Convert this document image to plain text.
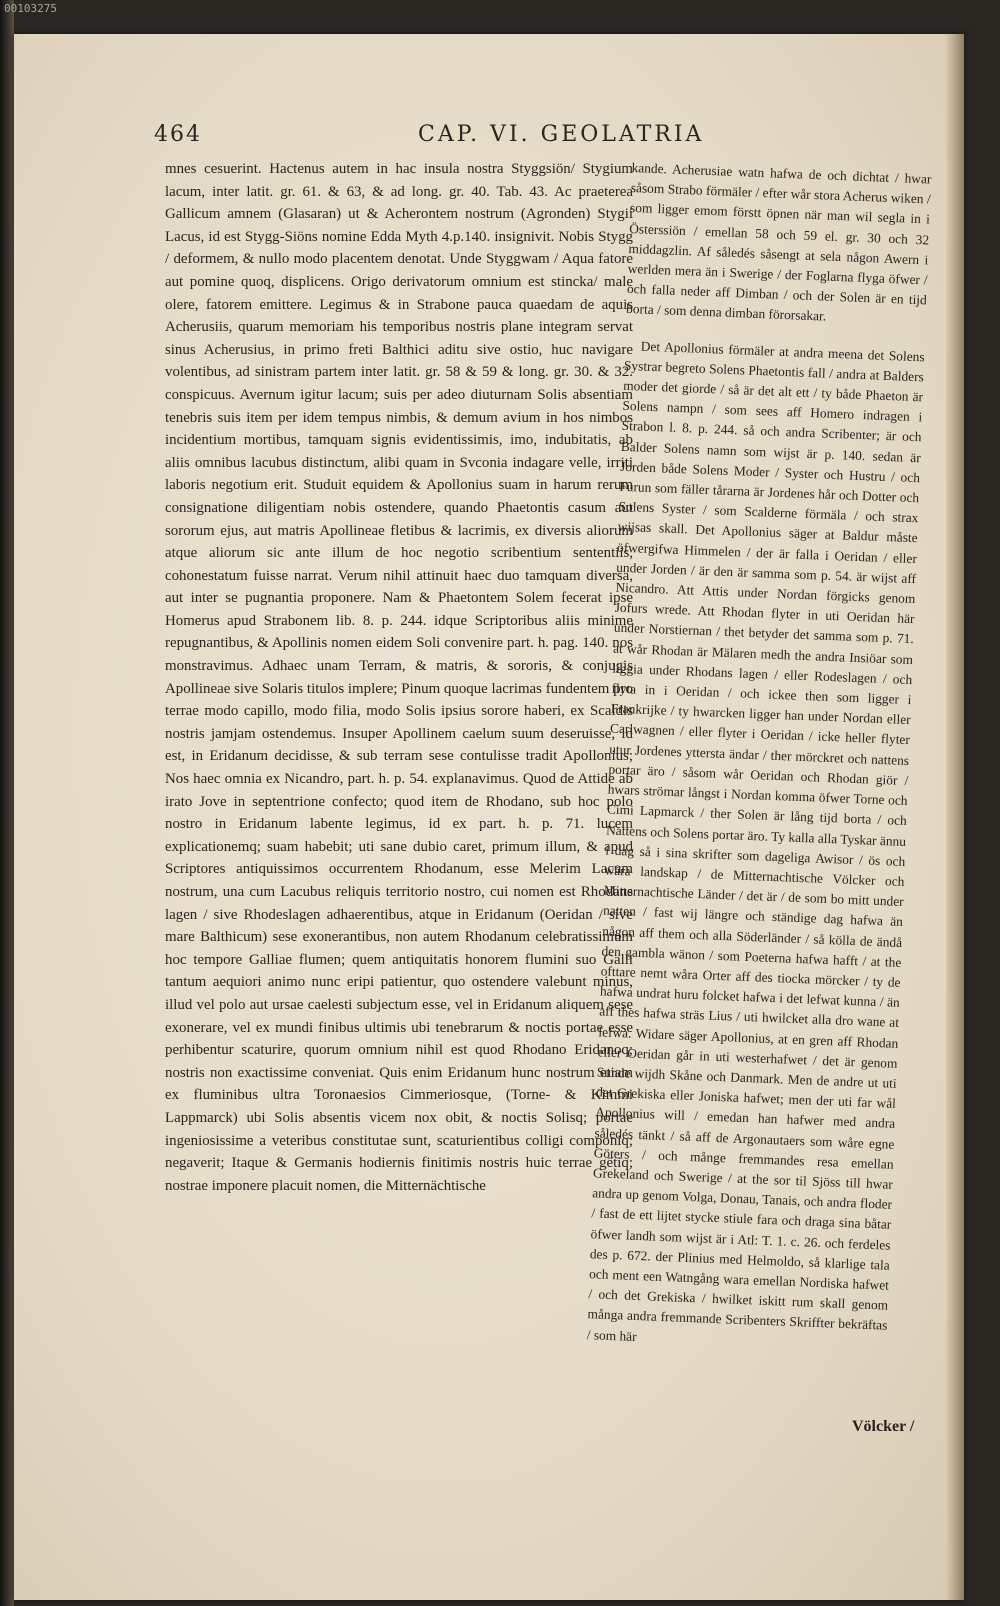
00103275
464	CAP. VI. GEOLATRIA

mnes cesuerint. Hactenus autem in hac insula nostra Styggsiön/ Stygium lacum, inter latit. gr. 61. & 63, & ad long. gr. 40. Tab. 43. Ac praeterea Gallicum amnem (Glasaran) ut & Acherontem nostrum (Agronden) Stygii Lacus, id est Stygg-Siöns nomine Edda Myth 4.p.140. insignivit. Nobis Stygg / deformem, & nullo modo placentem denotat. Unde Styggwam / Aqua fatore aut pomine quoq, displicens. Origo derivatorum omnium est stincka/ male olere, fatorem emittere. Legimus & in Strabone pauca quaedam de aquis Acherusiis, quarum memoriam his temporibus nostris plane integram servat sinus Acherusius, in primo freti Balthici aditu sive ostio, huc navigare volentibus, ad sinistram partem inter latit. gr. 58 & 59 & long. gr. 30. & 32. conspicuus. Avernum igitur lacum; suis per adeo diuturnam Solis absentiam tenebris suis item per idem tempus nimbis, & demum avium in hos nimbos incidentium mortibus, tamquam signis evidentissimis, imo, indubitatis, ab aliis omnibus lacubus distinctum, alibi quam in Svconia indagare velle, irriti laboris negotium erit. Studuit equidem & Apollonius suam in harum rerum consignatione diligentiam nobis ostendere, quando Phaetontis casum aut sororum ejus, aut matris Apollineae fletibus & lacrimis, ex diversis aliorum atque aliorum sic ante illum de hoc negotio scribentium sententiis, cohonestatum fuisse narrat. Verum nihil attinuit haec duo tamquam diversa, aut inter se pugnantia proponere. Nam & Phaetontem Solem fecerat ipse Homerus apud Strabonem lib. 8. p. 244. idque Scriptoribus aliis minime repugnantibus, & Apollinis nomen eidem Soli convenire part. h. pag. 140. nos monstravimus. Adhaec unam Terram, & matris, & sororis, & conjugis Apollineae sive Solaris titulos implere; Pinum quoque lacrimas fundentem pro terrae modo capillo, modo filia, modo Solis ipsius sorore haberi, ex Scaldis nostris jamjam ostendemus. Insuper Apollinem caelum suum deseruisse, id est, in Eridanum decidisse, & sub terram sese contulisse tradit Apollonius; Nos haec omnia ex Nicandro, part. h. p. 54. explanavimus. Quod de Attide ab irato Jove in septentrione confecto; quod item de Rhodano, sub hoc polo nostro in Eridanum labente legimus, id ex part. h. p. 71. lucem explicationemq; suam habebit; uti sane dubio caret, primum illum, & apud Scriptores antiquissimos occurrentem Rhodanum, esse Melerim Lacum nostrum, una cum Lacubus reliquis territorio nostro, cui nomen est Rhodans lagen / sive Rhodeslagen adhaerentibus, atque in Eridanum (Oeridan / sive mare Balthicum) sese exonerantibus, non autem Rhodanum celebratissimum hoc tempore Galliae flumen; quem antiquitatis honorem flumini suo Galli tantum aequiori animo nunc eripi patientur, quo ostendere valebunt minus, illud vel polo aut ursae caelesti subjectum esse, vel in Eridanum aliquem sese exonerare, vel ex mundi finibus ultimis ubi tenebrarum & noctis portae esse perhibentur scaturire, quorum omnium nihil est quod Rhodano Eridanoq; nostris non exactissime conveniat. Quis enim Eridanum hunc nostrum etiam ex fluminibus ultra Toronaesios Cimmeriosque, (Torne- & Kimmi Lappmarck) ubi Solis absentis vicem nox obit, & noctis Solisq; portae ingeniosissime a veteribus constitutae sunt, scaturientibus colligi componiq; negaverit; Itaque & Germanis hodiernis finitimis nostris huic terrae gētiq; nostrae imponere placuit nomen, die Mitternächtische

kande. Acherusiae watn hafwa de och dichtat / hwar såsom Strabo förmäler / efter wår stora Acherus wiken / som ligger emom förstt öpnen när man wil segla in i Österssiön / emellan 58 och 59 el. gr. 30 och 32 middagzlin. Af såledés såsengt at sela någon Awern i werlden mera än i Swerige / der Foglarna flyga öfwer / och falla neder aff Dimban / och der Solen är en tijd borta / som denna dimban förorsakar.

Det Apollonius förmäler at andra meena det Solens Systrar begreto Solens Phaetontis fall / andra at Balders moder det giorde / så är det alt ett / ty både Phaeton är Solens nampn / som sees aff Homero indragen i Strabon l. 8. p. 244. så och andra Scribenter; är och Balder Solens namn som wijst är p. 140. sedan är Jorden både Solens Moder / Syster och Hustru / och Furun som fäller tårarna är Jordenes hår och Dotter och Solens Syster / som Scalderne förmäla / och strax wijsas skall. Det Apollonius säger at Baldur måste öfwergifwa Himmelen / der är falla i Oeridan / eller under Jorden / är den är samma som p. 54. är wijst aff Nicandro. Att Attis under Nordan förgicks genom Jofurs wrede. Att Rhodan flyter in uti Oeridan här under Norstiernan / thet betyder det samma som p. 71. at wår Rhodan är Mälaren medh the andra Insiöar som liggia under Rhodans lagen / eller Rodeslagen / och flyta in i Oeridan / och ickee then som ligger i Frankrijke / ty hwarcken ligger han under Nordan eller Carlwagnen / eller flyter i Oeridan / icke heller flyter utur Jordenes ytterstа ändar / ther mörckret och nattens portar äro / såsom wår Oeridan och Rhodan giör / hwars strömar långst i Nordan komma öfwer Torne och Cimi Lapmarck / ther Solen är lång tijd borta / och Nattens och Solens portar äro. Ty kalla alla Tyskar ännu i dag så i sina skrifter som dageliga Awisor / ös och wåra landskap / de Mitternachtische Völcker och Mitternachtische Länder / det är / de som bo mitt under natten / fast wij längre och ständige dag hafwa än någon aff them och alla Söderländer / så kölla de ändå den gambla wänon / som Poeterna hafwa hafft / at the ofttare nemt wåra Orter aff des tiocka mörcker / ty de hafwa undrat huru folcket hafwa i det lefwat kunna / än aff thes hafwa sträs Lius / uti hwilcket alla dro wane at lefwa. Widare säger Apollonius, at en gren aff Rhodan eller Oeridan går in uti westerhafwet / det är genom Sunde wijdh Skåne och Danmark. Men de andre ut uti det Grekiska eller Joniska hafwet; men der uti far wål Apollonius will / emedan han hafwer med andra såledés tänkt / så aff de Argonautaers som wåre egne Göters / och månge fremmandes resa emellan Grekeland och Swerige / at the sor til Sjöss till hwar andra up genom Volga, Donau, Tanais, och andra floder / fast de ett lijtet stycke stiule fara och draga sina båtar öfwer landh som wijst är i Atl: T. 1. c. 26. och ferdeles des p. 672. der Plinius med Helmoldo, så klarlige tala och ment een Watngång wara emellan Nordiska hafwet / och det Grekiska / hwilket iskitt rum skall genom många andra fremmande Scribenters Skriffter bekräftas / som här

Völcker /
